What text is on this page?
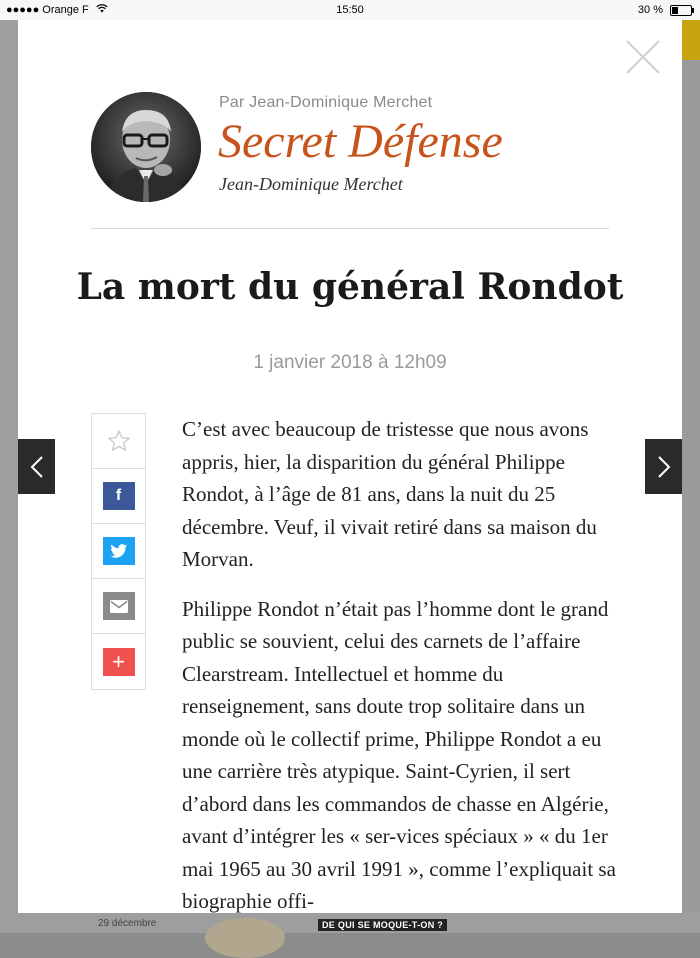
29 décembre	DE QUI SE MOQUE-T-ON ?
●●●●● Orange F	15:50	30 %
Par Jean-Dominique Merchet
Secret Défense
Jean-Dominique Merchet
La mort du général Rondot
1 janvier 2018 à 12h09
f
+

C’est avec beaucoup de tristesse que nous avons appris, hier, la disparition du général Philippe Rondot, à l’âge de 81 ans, dans la nuit du 25 décembre. Veuf, il vivait retiré dans sa maison du Morvan.

Philippe Rondot n’était pas l’homme dont le grand public se souvient, celui des carnets de l’affaire Clearstream. Intellectuel et homme du renseignement, sans doute trop solitaire dans un monde où le collectif prime, Philippe Rondot a eu une carrière très atypique. Saint-Cyrien, il sert d’abord dans les commandos de chasse en Algérie, avant d’intégrer les « ser-vices spéciaux » « du 1er mai 1965 au 30 avril 1991 », comme l’expliquait sa biographie offi-
